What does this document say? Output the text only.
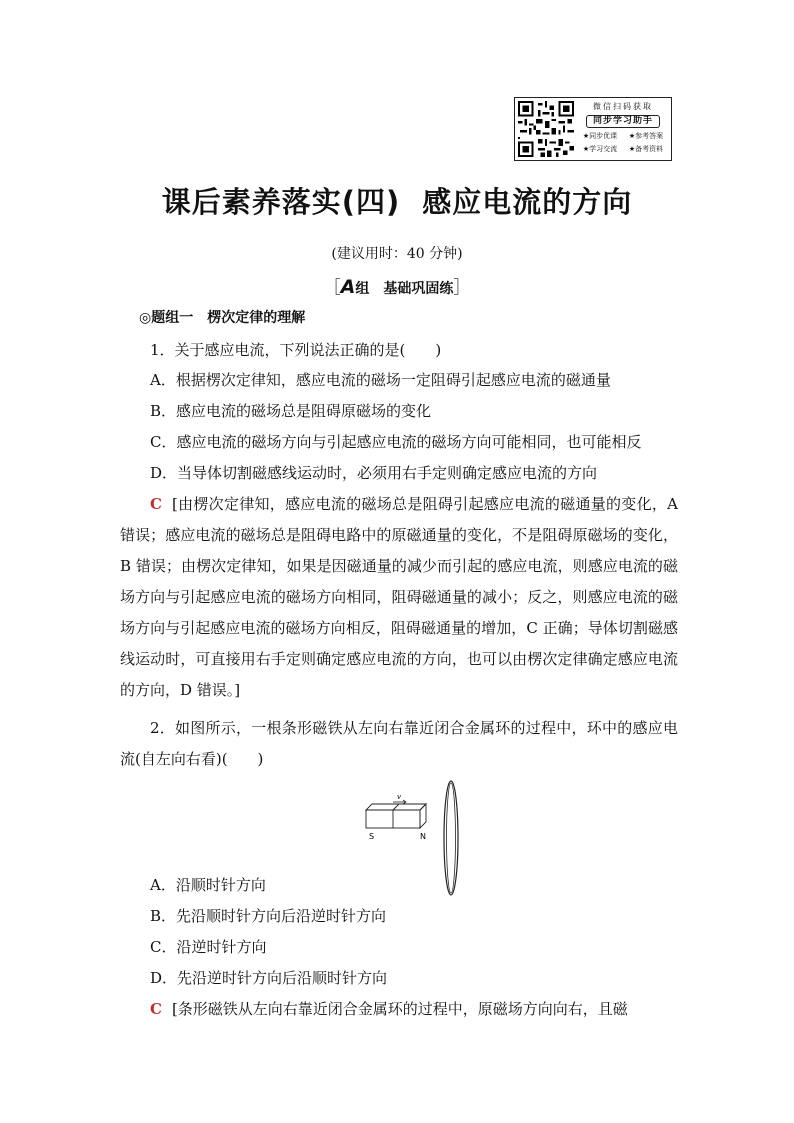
微信扫码获取
同步学习助手
★同步优课 ★参考答案
★学习交流 ★备考资料
课后素养落实(四) 感应电流的方向
(建议用时：40 分钟)
［A组　基础巩固练］
◎题组一　楞次定律的理解
1．关于感应电流，下列说法正确的是(　　)
A．根据楞次定律知，感应电流的磁场一定阻碍引起感应电流的磁通量
B．感应电流的磁场总是阻碍原磁场的变化
C．感应电流的磁场方向与引起感应电流的磁场方向可能相同，也可能相反
D．当导体切割磁感线运动时，必须用右手定则确定感应电流的方向
C [由楞次定律知，感应电流的磁场总是阻碍引起感应电流的磁通量的变化，A 错误；感应电流的磁场总是阻碍电路中的原磁通量的变化，不是阻碍原磁场的变化，B 错误；由楞次定律知，如果是因磁通量的减少而引起的感应电流，则感应电流的磁场方向与引起感应电流的磁场方向相同，阻碍磁通量的减小；反之，则感应电流的磁场方向与引起感应电流的磁场方向相反，阻碍磁通量的增加，C 正确；导体切割磁感线运动时，可直接用右手定则确定感应电流的方向，也可以由楞次定律确定感应电流的方向，D 错误。]
2．如图所示，一根条形磁铁从左向右靠近闭合金属环的过程中，环中的感应电流(自左向右看)(　　)
v
S	N
A．沿顺时针方向
B．先沿顺时针方向后沿逆时针方向
C．沿逆时针方向
D．先沿逆时针方向后沿顺时针方向
C [条形磁铁从左向右靠近闭合金属环的过程中，原磁场方向向右，且磁
